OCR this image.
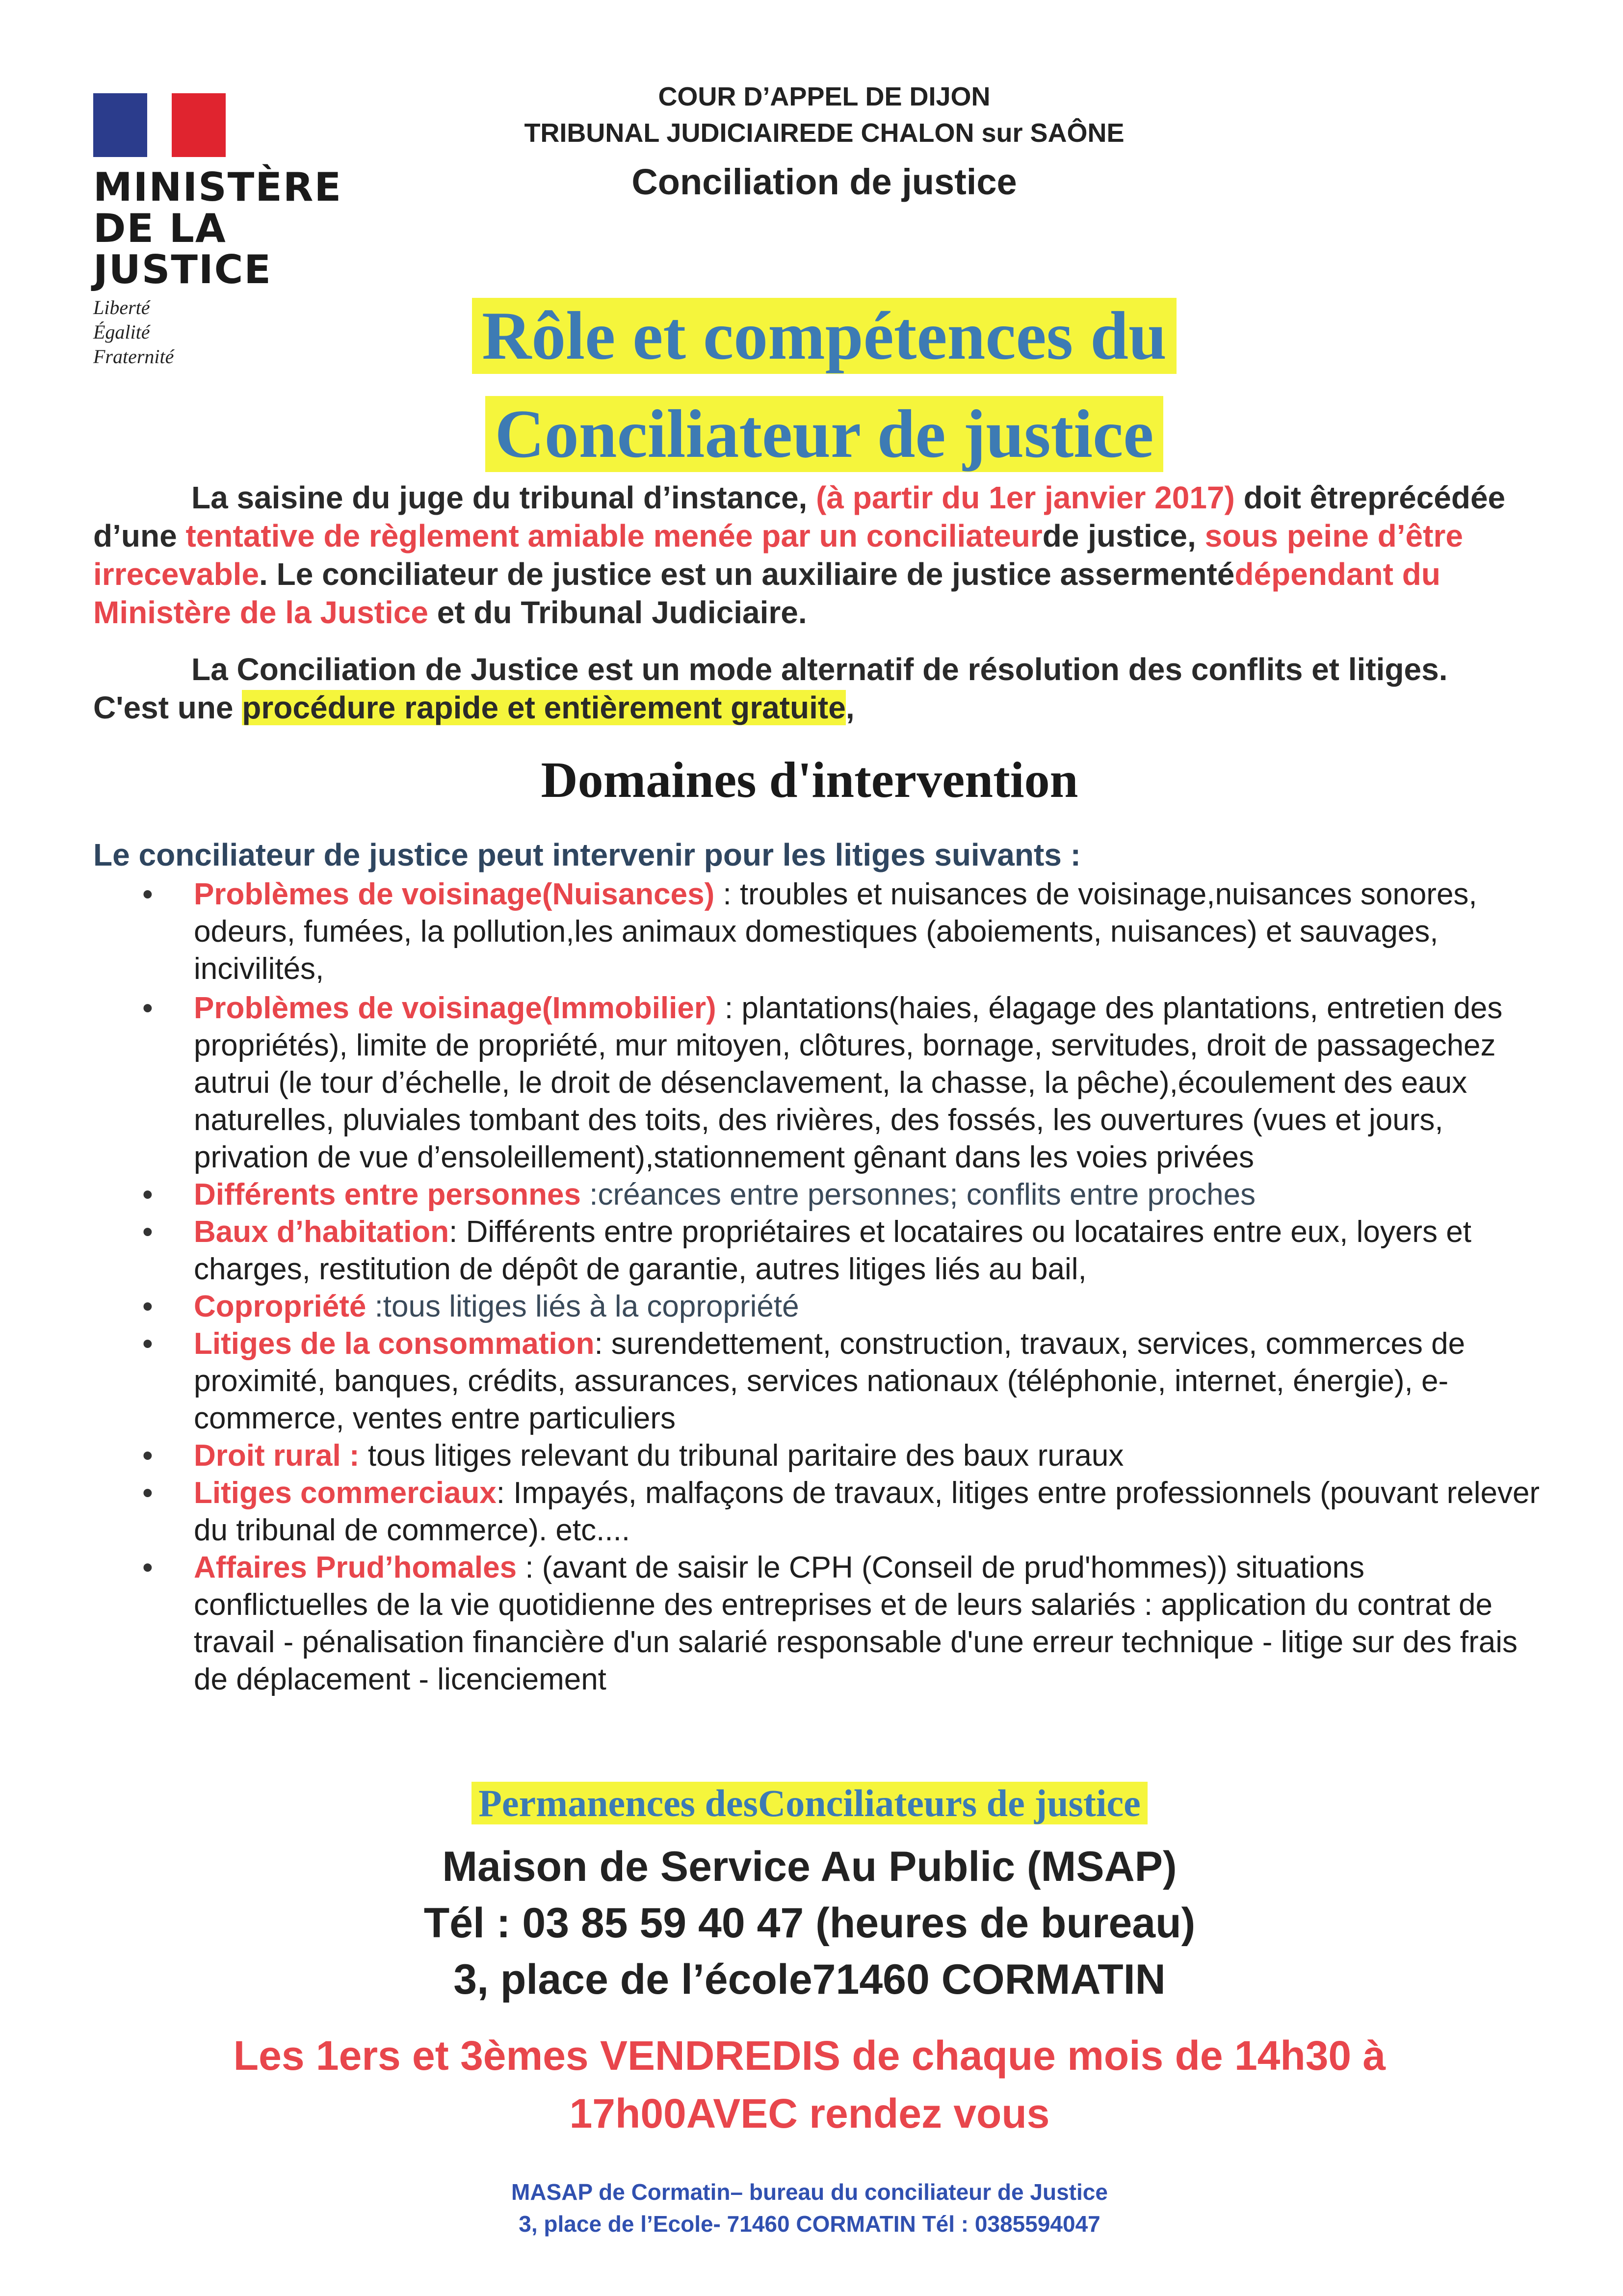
MINISTÈRE
DE LA JUSTICE
Liberté
Égalité
Fraternité
COUR D’APPEL DE DIJON
TRIBUNAL JUDICIAIREDE CHALON sur SAÔNE
Conciliation de justice
Rôle et compétences du
Conciliateur de justice
La saisine du juge du tribunal d’instance, (à partir du 1er janvier 2017) doit êtreprécédée d’une tentative de règlement amiable menée par un conciliateurde justice, sous peine d’être irrecevable. Le conciliateur de justice est un auxiliaire de justice assermentédépendant du Ministère de la Justice et du Tribunal Judiciaire.
La Conciliation de Justice est un mode alternatif de résolution des conflits et litiges. C'est une procédure rapide et entièrement gratuite,
Domaines d'intervention
Le conciliateur de justice peut intervenir pour les litiges suivants :
• Problèmes de voisinage(Nuisances) : troubles et nuisances de voisinage,nuisances sonores, odeurs, fumées, la pollution,les animaux domestiques (aboiements, nuisances) et sauvages, incivilités,
• Problèmes de voisinage(Immobilier) : plantations(haies, élagage des plantations, entretien des propriétés), limite de propriété, mur mitoyen, clôtures, bornage, servitudes, droit de passagechez autrui (le tour d’échelle, le droit de désenclavement, la chasse, la pêche),écoulement des eaux naturelles, pluviales tombant des toits, des rivières, des fossés, les ouvertures (vues et jours, privation de vue d’ensoleillement),stationnement gênant dans les voies privées
• Différents entre personnes :créances entre personnes; conflits entre proches
• Baux d’habitation: Différents entre propriétaires et locataires ou locataires entre eux, loyers et charges, restitution de dépôt de garantie, autres litiges liés au bail,
• Copropriété :tous litiges liés à la copropriété
• Litiges de la consommation: surendettement, construction, travaux, services, commerces de proximité, banques, crédits, assurances, services nationaux (téléphonie, internet, énergie), e-commerce, ventes entre particuliers
• Droit rural : tous litiges relevant du tribunal paritaire des baux ruraux
• Litiges commerciaux: Impayés, malfaçons de travaux, litiges entre professionnels (pouvant relever du tribunal de commerce). etc....
• Affaires Prud’homales : (avant de saisir le CPH (Conseil de prud'hommes)) situations conflictuelles de la vie quotidienne des entreprises et de leurs salariés : application du contrat de travail - pénalisation financière d'un salarié responsable d'une erreur technique - litige sur des frais de déplacement - licenciement
Permanences desConciliateurs de justice
Maison de Service Au Public (MSAP)
Tél : 03 85 59 40 47 (heures de bureau)
3, place de l’école71460 CORMATIN
Les 1ers et 3èmes VENDREDIS de chaque mois de 14h30 à
17h00AVEC rendez vous
MASAP de Cormatin– bureau du conciliateur de Justice
3, place de l’Ecole- 71460 CORMATIN Tél : 0385594047
